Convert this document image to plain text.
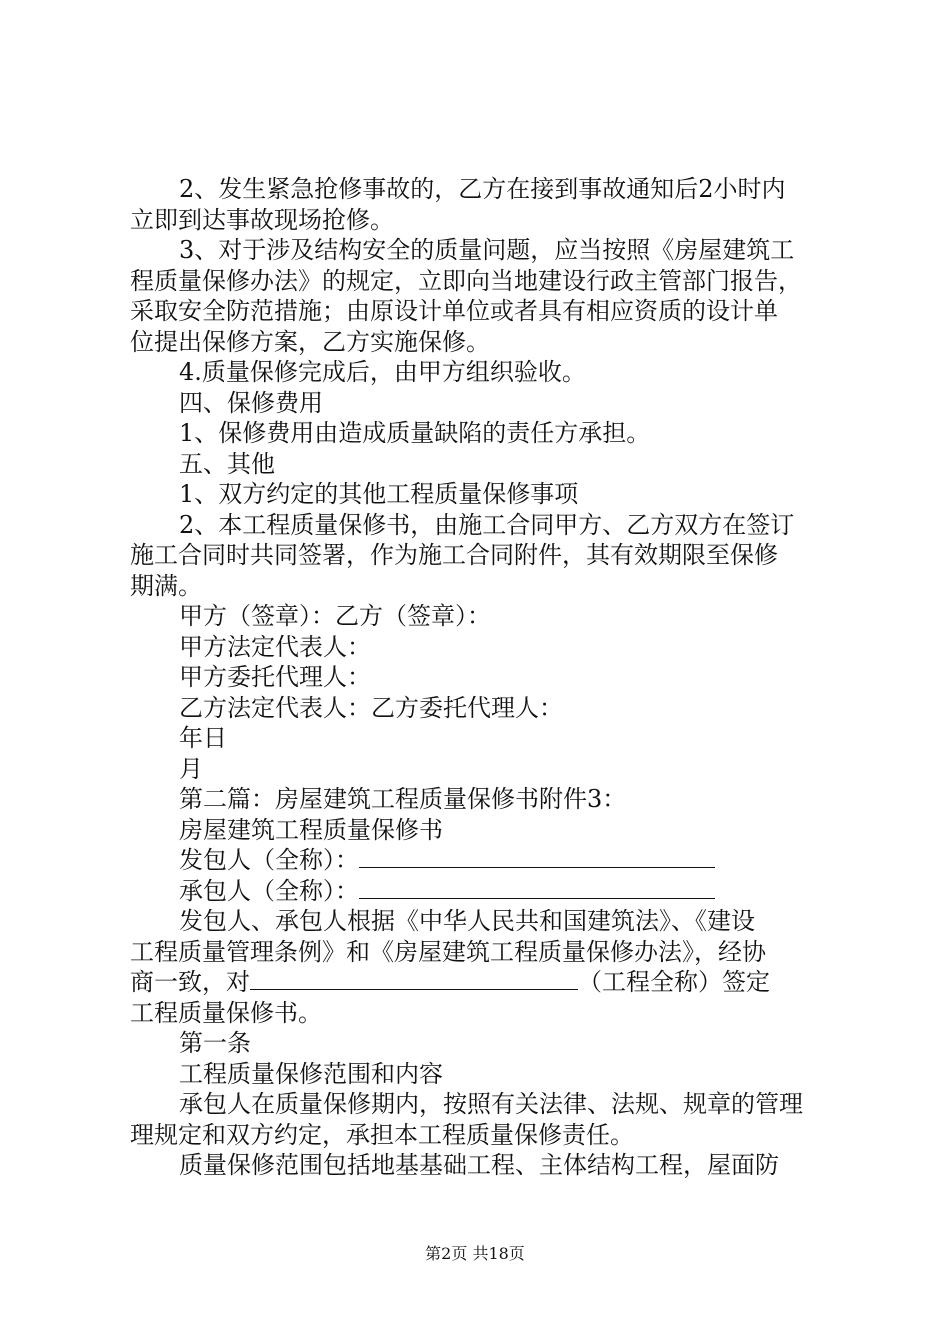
2、发生紧急抢修事故的，乙方在接到事故通知后2小时内

立即到达事故现场抢修。

3、对于涉及结构安全的质量问题，应当按照《房屋建筑工

程质量保修办法》的规定，立即向当地建设行政主管部门报告，

采取安全防范措施；由原设计单位或者具有相应资质的设计单

位提出保修方案，乙方实施保修。

4.质量保修完成后，由甲方组织验收。

四、保修费用

1、保修费用由造成质量缺陷的责任方承担。

五、其他

1、双方约定的其他工程质量保修事项

2、本工程质量保修书，由施工合同甲方、乙方双方在签订

施工合同时共同签署，作为施工合同附件，其有效期限至保修

期满。

甲方（签章）：乙方（签章）：

甲方法定代表人：

甲方委托代理人：

乙方法定代表人：乙方委托代理人：

年日

月

第二篇：房屋建筑工程质量保修书附件3：

房屋建筑工程质量保修书

发包人（全称）：

承包人（全称）：

发包人、承包人根据《中华人民共和国建筑法》、《建设

工程质量管理条例》和《房屋建筑工程质量保修办法》，经协

商一致，对	（工程全称）签定

工程质量保修书。

第一条

工程质量保修范围和内容

承包人在质量保修期内，按照有关法律、法规、规章的管理

理规定和双方约定，承担本工程质量保修责任。

质量保修范围包括地基基础工程、主体结构工程，屋面防

第2页 共18页
